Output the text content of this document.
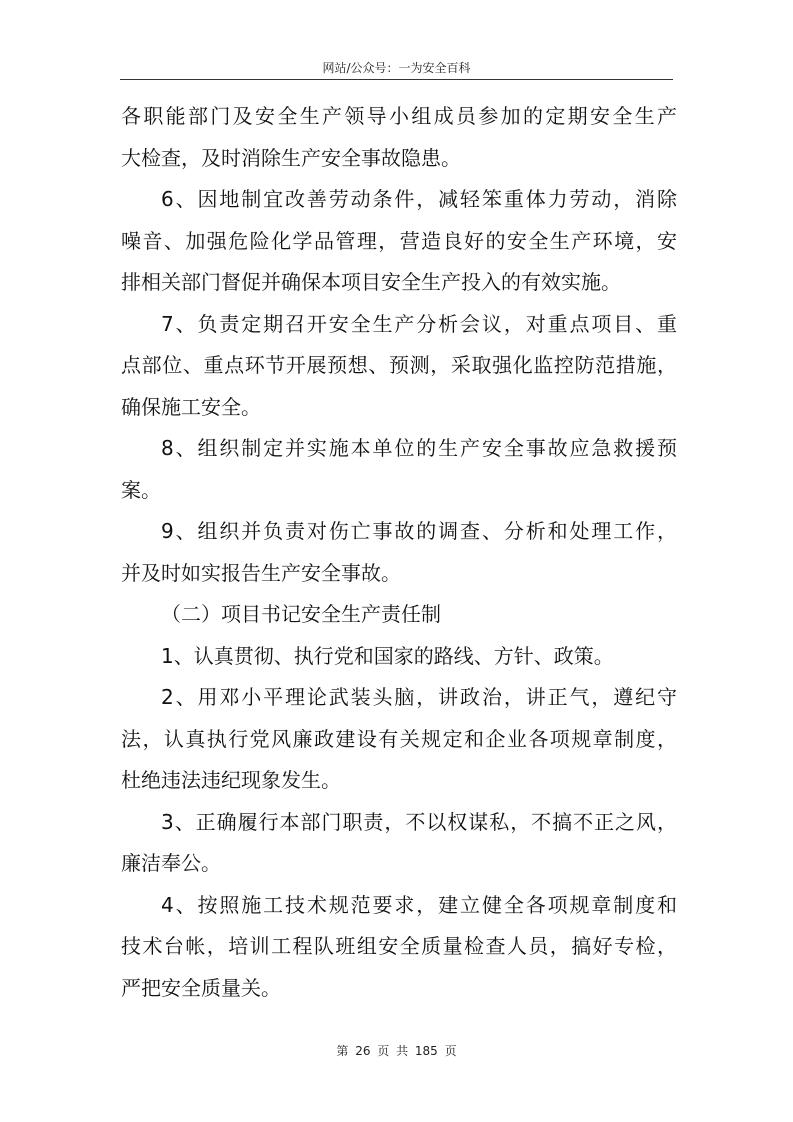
网站/公众号：一为安全百科
各职能部门及安全生产领导小组成员参加的定期安全生产
大检查，及时消除生产安全事故隐患。
6、因地制宜改善劳动条件，减轻笨重体力劳动，消除
噪音、加强危险化学品管理，营造良好的安全生产环境，安
排相关部门督促并确保本项目安全生产投入的有效实施。
7、负责定期召开安全生产分析会议，对重点项目、重
点部位、重点环节开展预想、预测，采取强化监控防范措施，
确保施工安全。
8、组织制定并实施本单位的生产安全事故应急救援预
案。
9、组织并负责对伤亡事故的调查、分析和处理工作，
并及时如实报告生产安全事故。
（二）项目书记安全生产责任制
1、认真贯彻、执行党和国家的路线、方针、政策。
2、用邓小平理论武装头脑，讲政治，讲正气，遵纪守
法，认真执行党风廉政建设有关规定和企业各项规章制度，
杜绝违法违纪现象发生。
3、正确履行本部门职责，不以权谋私，不搞不正之风，
廉洁奉公。
4、按照施工技术规范要求，建立健全各项规章制度和
技术台帐，培训工程队班组安全质量检查人员，搞好专检，
严把安全质量关。
第 26 页 共 185 页
